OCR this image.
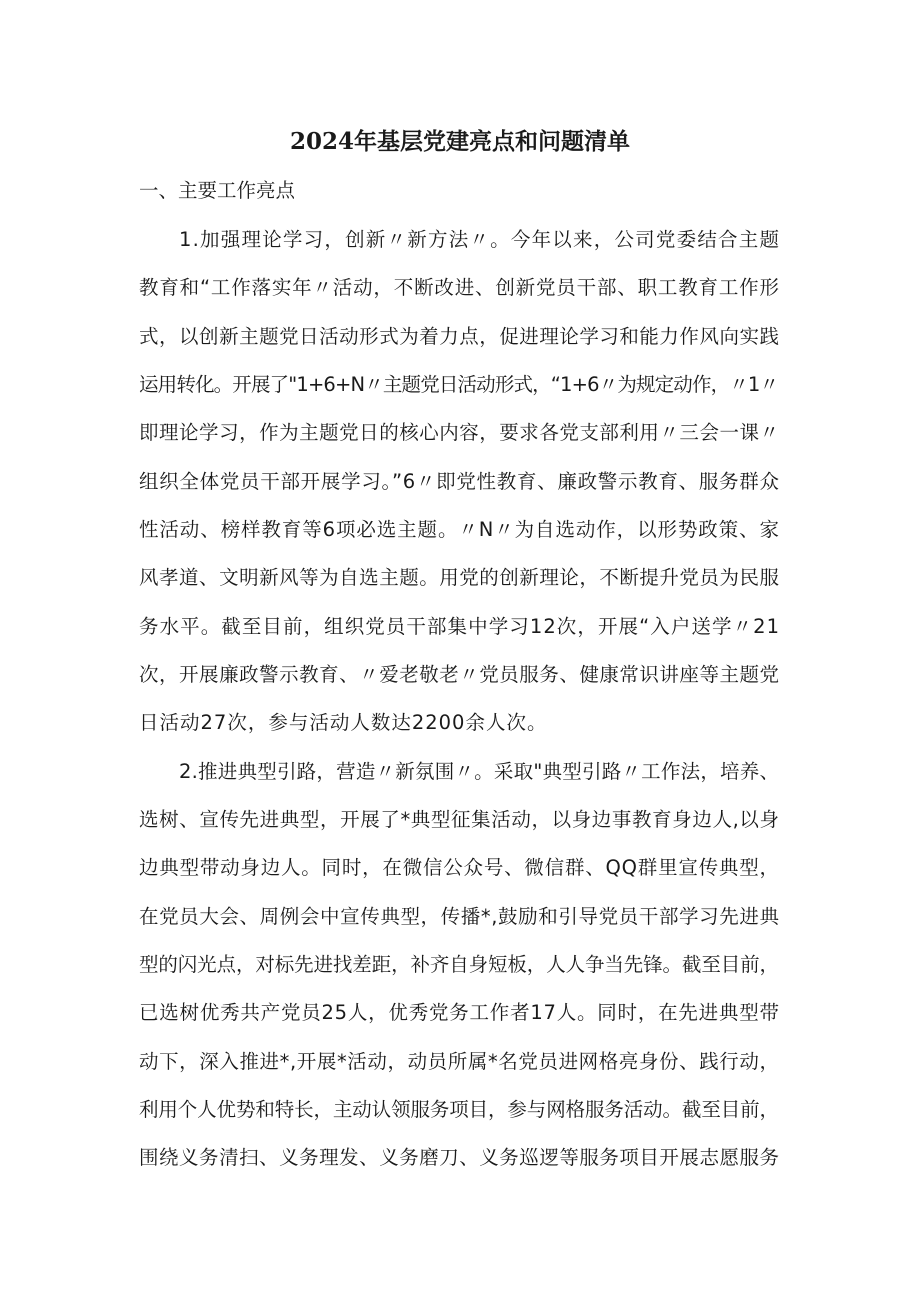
2024年基层党建亮点和问题清单
一、主要工作亮点
1.加强理论学习，创新〃新方法〃。今年以来，公司党委结合主题
教育和“工作落实年〃活动，不断改进、创新党员干部、职工教育工作形
式，以创新主题党日活动形式为着力点，促进理论学习和能力作风向实践
运用转化。开展了"1+6+N〃主题党日活动形式，“1+6〃为规定动作，〃1〃
即理论学习，作为主题党日的核心内容，要求各党支部利用〃三会一课〃
组织全体党员干部开展学习。”6〃即党性教育、廉政警示教育、服务群众
性活动、榜样教育等6项必选主题。〃N〃为自选动作，以形势政策、家
风孝道、文明新风等为自选主题。用党的创新理论，不断提升党员为民服
务水平。截至目前，组织党员干部集中学习12次，开展“入户送学〃21
次，开展廉政警示教育、〃爱老敬老〃党员服务、健康常识讲座等主题党
日活动27次，参与活动人数达2200余人次。
2.推进典型引路，营造〃新氛围〃。采取"典型引路〃工作法，培养、
选树、宣传先进典型，开展了*典型征集活动，以身边事教育身边人,以身
边典型带动身边人。同时，在微信公众号、微信群、QQ群里宣传典型，
在党员大会、周例会中宣传典型，传播*,鼓励和引导党员干部学习先进典
型的闪光点，对标先进找差距，补齐自身短板，人人争当先锋。截至目前，
已选树优秀共产党员25人，优秀党务工作者17人。同时，在先进典型带
动下，深入推进*,开展*活动，动员所属*名党员进网格亮身份、践行动，
利用个人优势和特长，主动认领服务项目，参与网格服务活动。截至目前，
围绕义务清扫、义务理发、义务磨刀、义务巡逻等服务项目开展志愿服务
